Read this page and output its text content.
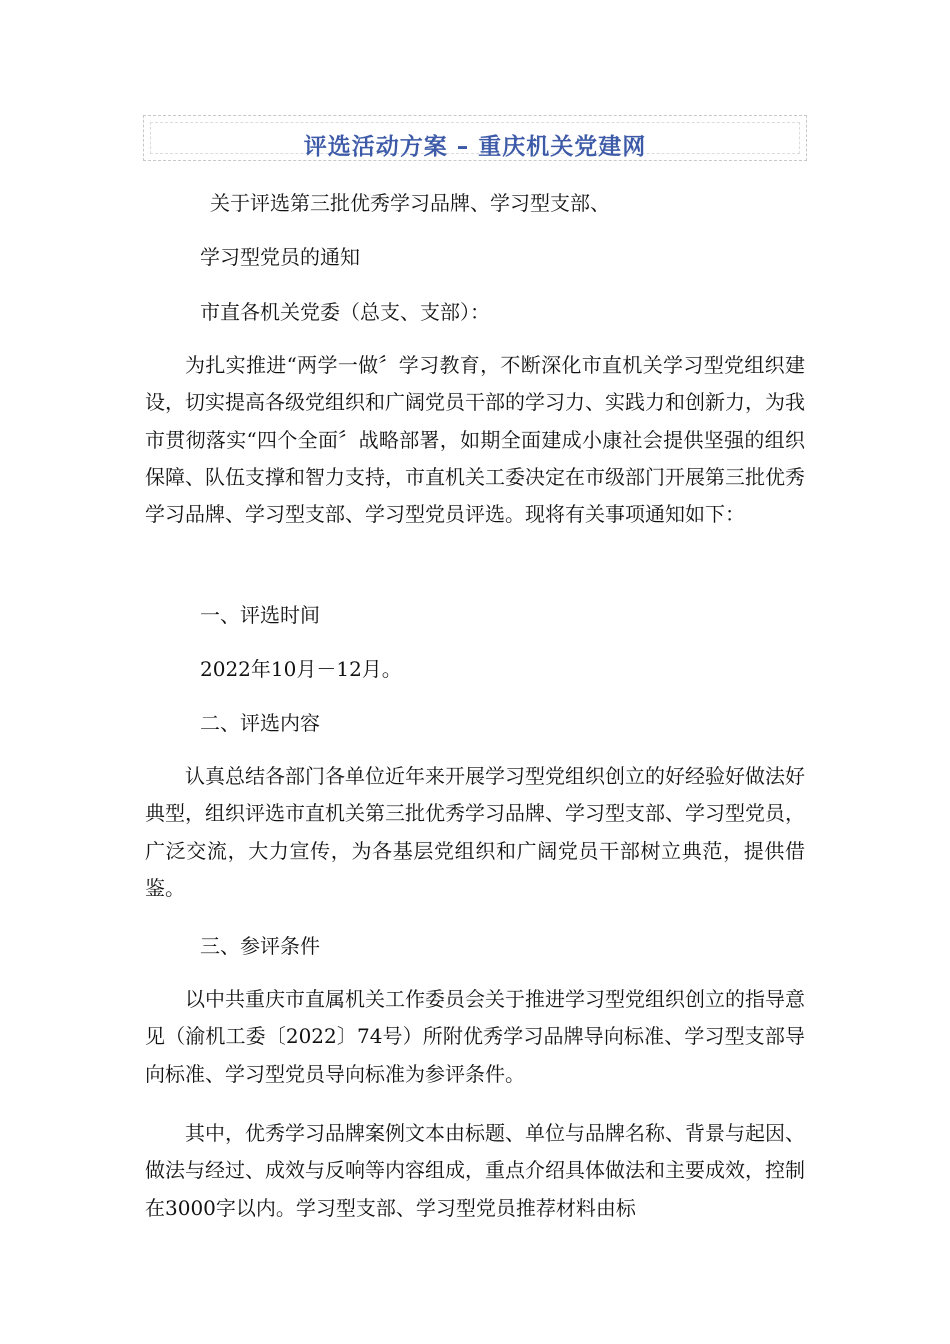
评选活动方案 – 重庆机关党建网
关于评选第三批优秀学习品牌、学习型支部、
学习型党员的通知
市直各机关党委（总支、支部）：
为扎实推进“两学一做〞学习教育，不断深化市直机关学习型党组织建设，切实提高各级党组织和广阔党员干部的学习力、实践力和创新力，为我市贯彻落实“四个全面〞战略部署，如期全面建成小康社会提供坚强的组织保障、队伍支撑和智力支持，市直机关工委决定在市级部门开展第三批优秀学习品牌、学习型支部、学习型党员评选。现将有关事项通知如下：
一、评选时间
2022年10月－12月。
二、评选内容
认真总结各部门各单位近年来开展学习型党组织创立的好经验好做法好典型，组织评选市直机关第三批优秀学习品牌、学习型支部、学习型党员，广泛交流，大力宣传，为各基层党组织和广阔党员干部树立典范，提供借鉴。
三、参评条件
以中共重庆市直属机关工作委员会关于推进学习型党组织创立的指导意见（渝机工委〔2022〕74号）所附优秀学习品牌导向标准、学习型支部导向标准、学习型党员导向标准为参评条件。
其中，优秀学习品牌案例文本由标题、单位与品牌名称、背景与起因、做法与经过、成效与反响等内容组成，重点介绍具体做法和主要成效，控制在3000字以内。学习型支部、学习型党员推荐材料由标
